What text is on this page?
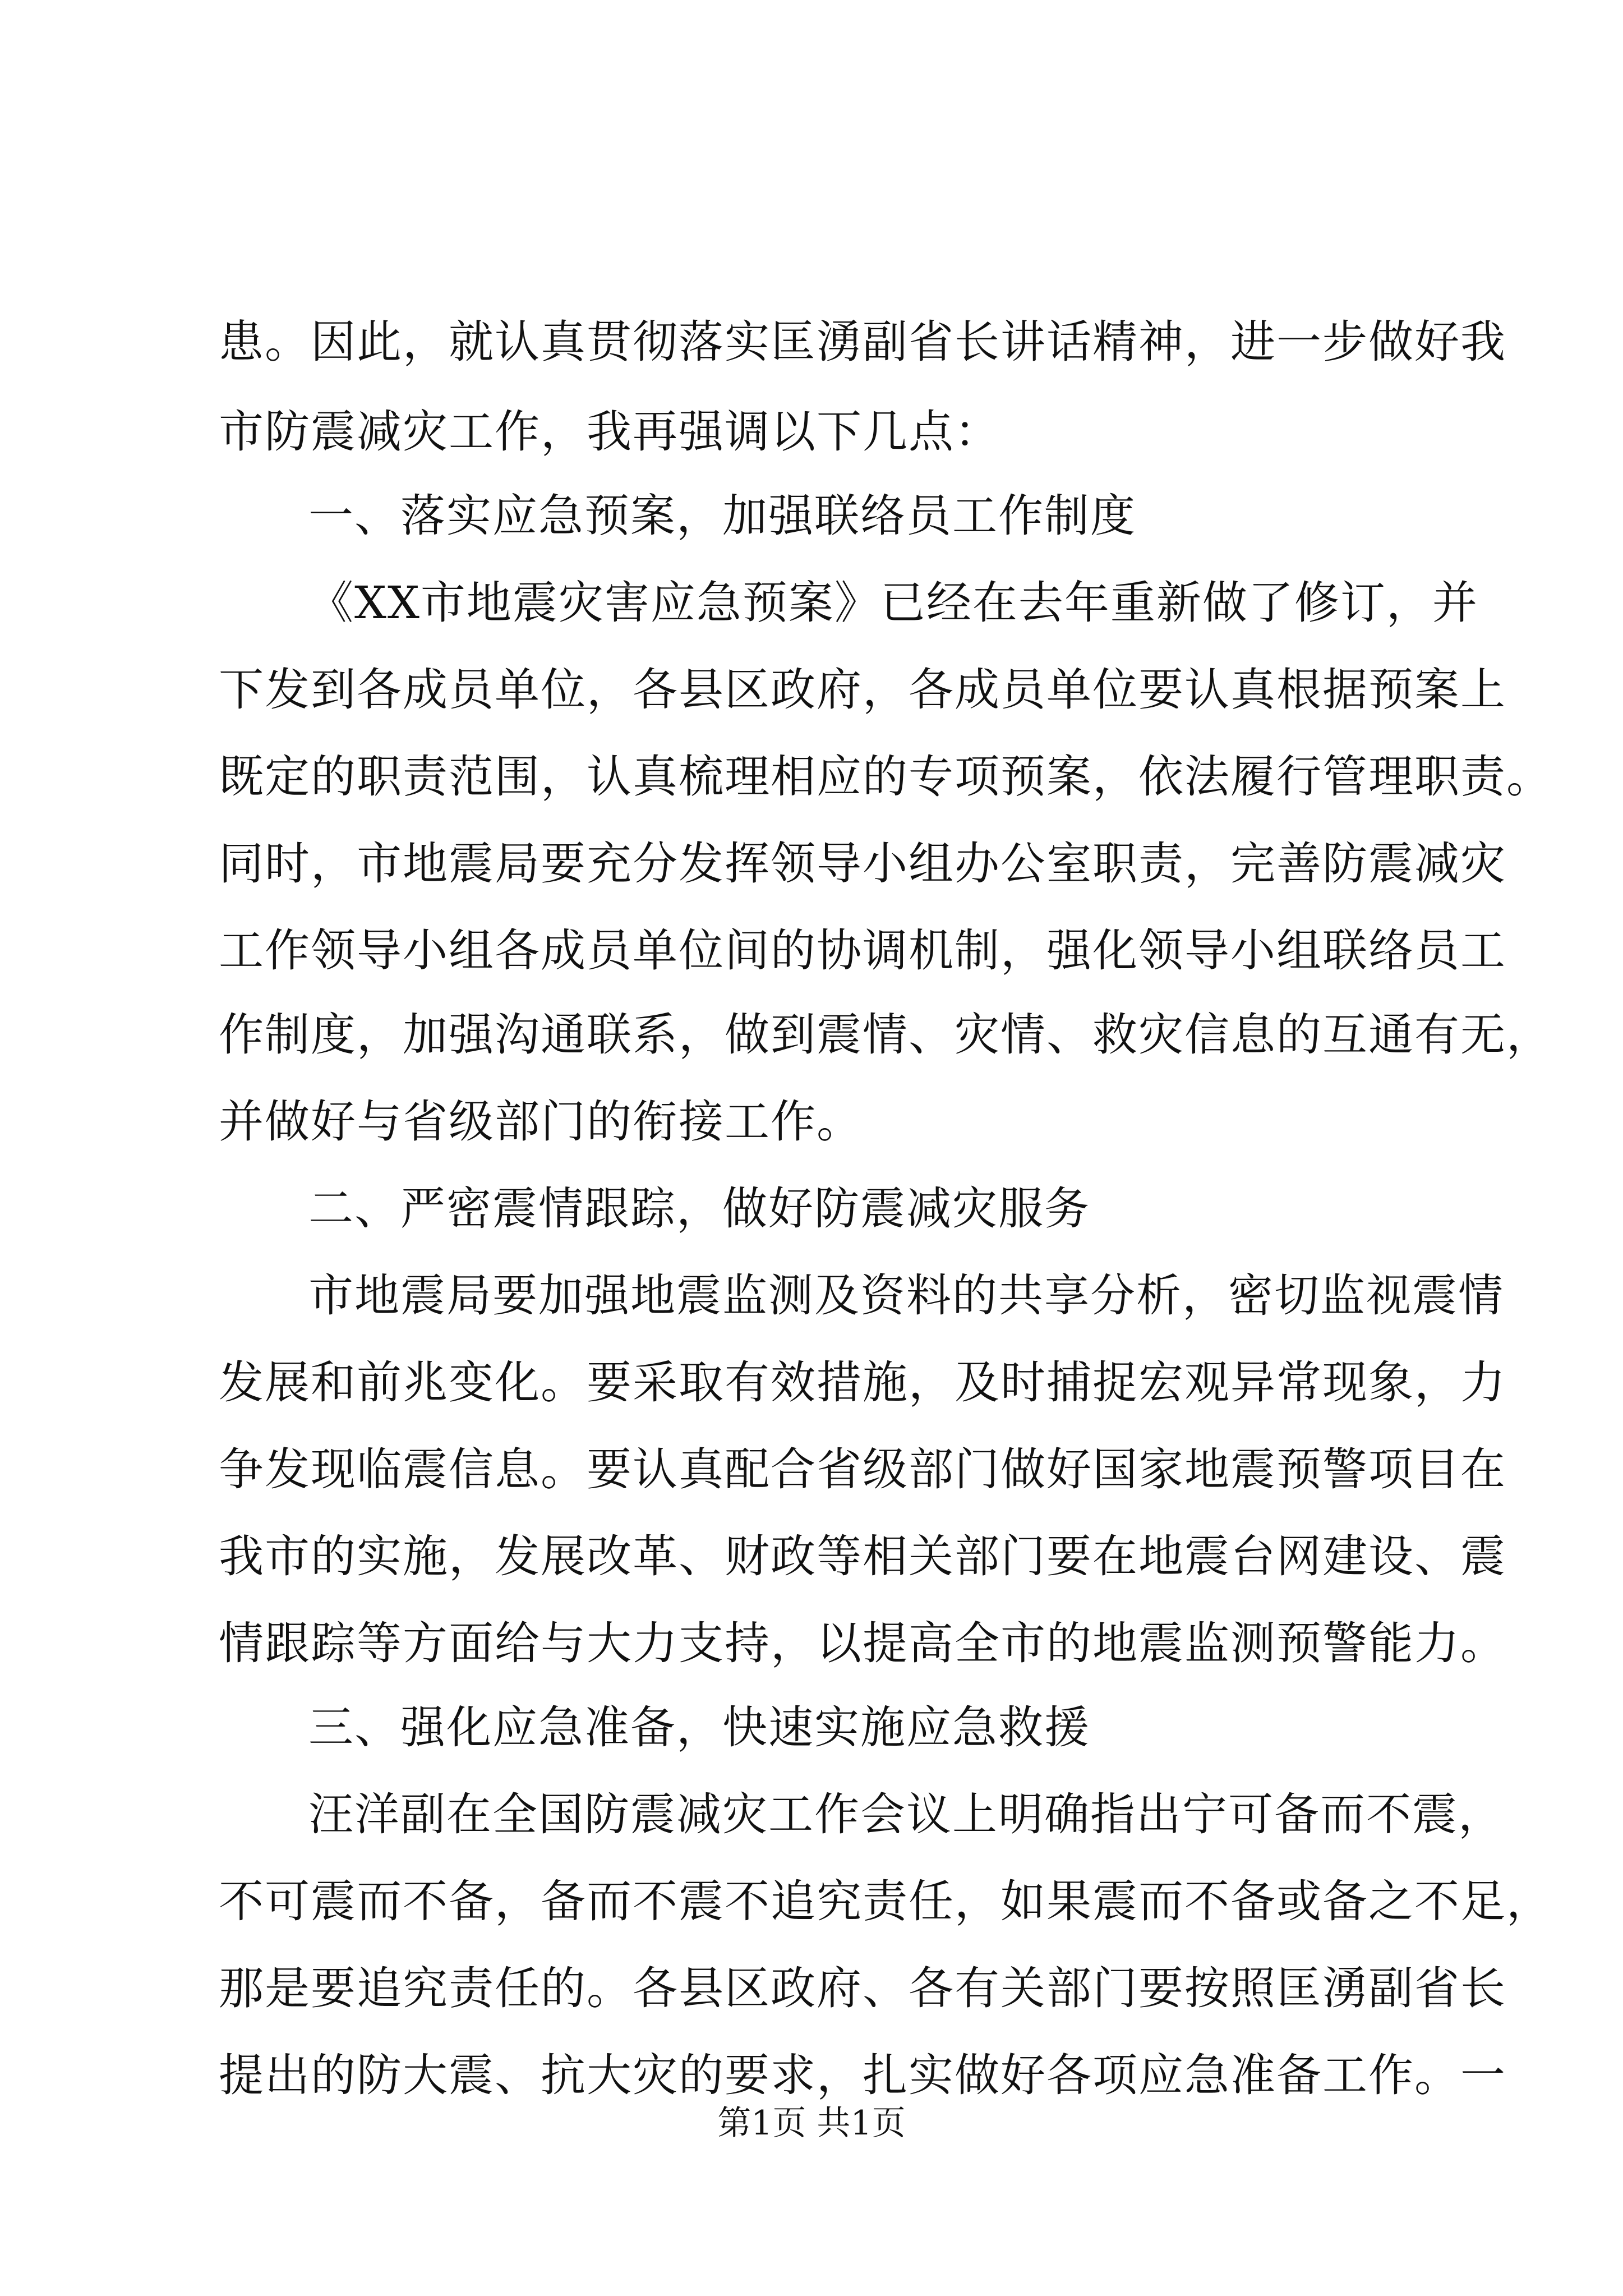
患。因此，就认真贯彻落实匡湧副省长讲话精神，进一步做好我
市防震减灾工作，我再强调以下几点：
一、落实应急预案，加强联络员工作制度
《XX市地震灾害应急预案》已经在去年重新做了修订，并
下发到各成员单位，各县区政府，各成员单位要认真根据预案上
既定的职责范围，认真梳理相应的专项预案，依法履行管理职责。
同时，市地震局要充分发挥领导小组办公室职责，完善防震减灾
工作领导小组各成员单位间的协调机制，强化领导小组联络员工
作制度，加强沟通联系，做到震情、灾情、救灾信息的互通有无，
并做好与省级部门的衔接工作。
二、严密震情跟踪，做好防震减灾服务
市地震局要加强地震监测及资料的共享分析，密切监视震情
发展和前兆变化。要采取有效措施，及时捕捉宏观异常现象，力
争发现临震信息。要认真配合省级部门做好国家地震预警项目在
我市的实施，发展改革、财政等相关部门要在地震台网建设、震
情跟踪等方面给与大力支持，以提高全市的地震监测预警能力。
三、强化应急准备，快速实施应急救援
汪洋副在全国防震减灾工作会议上明确指出宁可备而不震，
不可震而不备，备而不震不追究责任，如果震而不备或备之不足，
那是要追究责任的。各县区政府、各有关部门要按照匡湧副省长
提出的防大震、抗大灾的要求，扎实做好各项应急准备工作。一
第1页 共1页
